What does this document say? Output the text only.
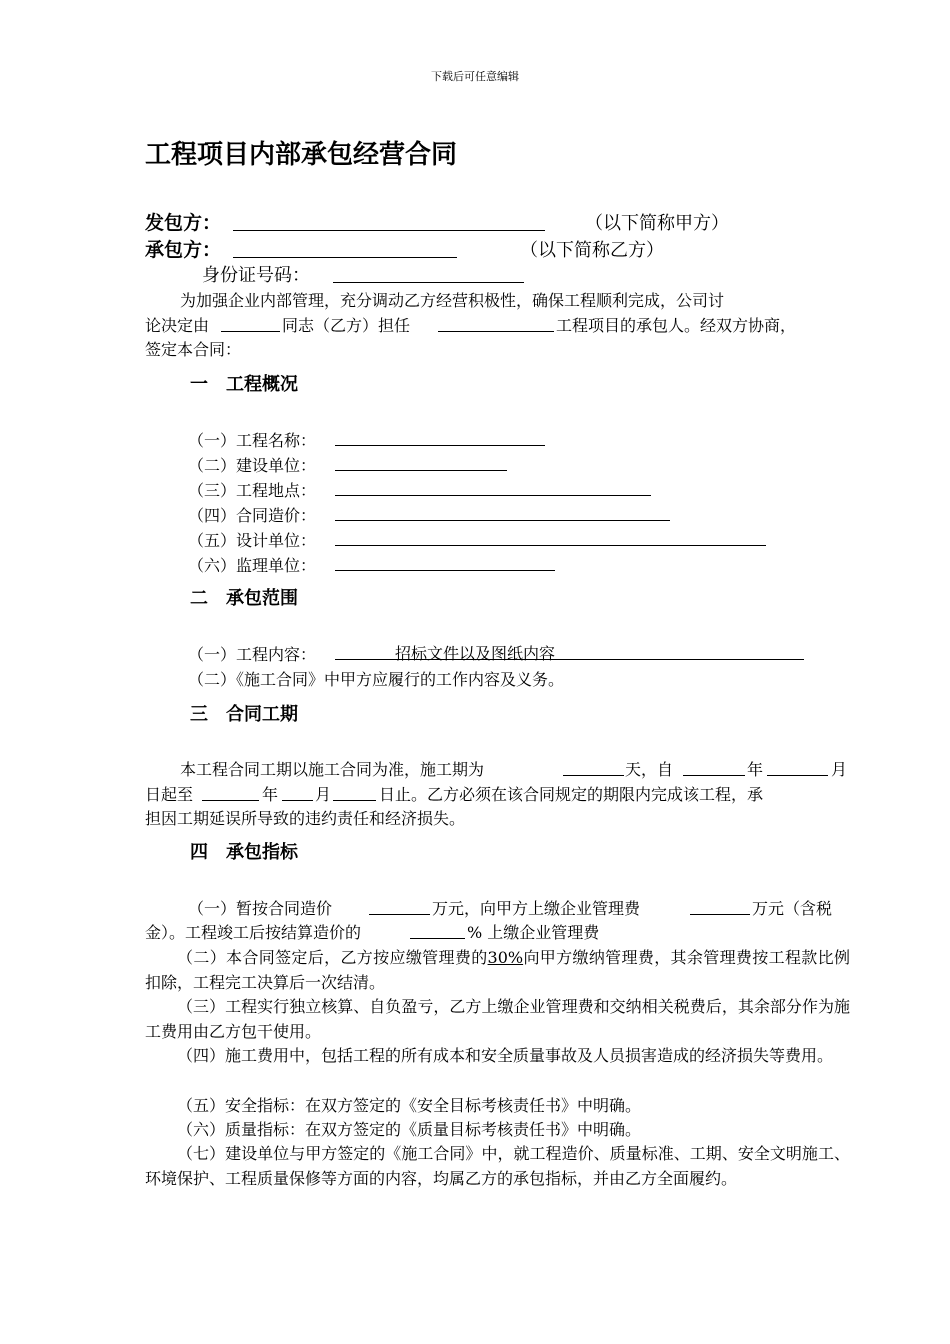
下载后可任意编辑
工程项目内部承包经营合同
发包方：	（以下简称甲方）
承包方：	（以下简称乙方）
身份证号码：
为加强企业内部管理，充分调动乙方经营积极性，确保工程顺利完成，公司讨
论决定由	同志（乙方）担任	工程项目的承包人。经双方协商，
签定本合同：
一　工程概况
（一）工程名称：
（二）建设单位：
（三）工程地点：
（四）合同造价：
（五）设计单位：
（六）监理单位：
二　承包范围
（一）工程内容：	招标文件以及图纸内容
（二）《施工合同》中甲方应履行的工作内容及义务。
三　合同工期
本工程合同工期以施工合同为准，施工期为	天，自	年	月
日起至	年 月	日止。乙方必须在该合同规定的期限内完成该工程，承
担因工期延误所导致的违约责任和经济损失。
四　承包指标
（一）暂按合同造价	万元，向甲方上缴企业管理费	万元（含税
金）。工程竣工后按结算造价的	% 上缴企业管理费
（二）本合同签定后，乙方按应缴管理费的30%向甲方缴纳管理费，其余管理费按工程款比例扣除，工程完工决算后一次结清。
（三）工程实行独立核算、自负盈亏，乙方上缴企业管理费和交纳相关税费后，其余部分作为施工费用由乙方包干使用。
（四）施工费用中，包括工程的所有成本和安全质量事故及人员损害造成的经济损失等费用。
（五）安全指标：在双方签定的《安全目标考核责任书》中明确。
（六）质量指标：在双方签定的《质量目标考核责任书》中明确。
（七）建设单位与甲方签定的《施工合同》中，就工程造价、质量标准、工期、安全文明施工、环境保护、工程质量保修等方面的内容，均属乙方的承包指标，并由乙方全面履约。
